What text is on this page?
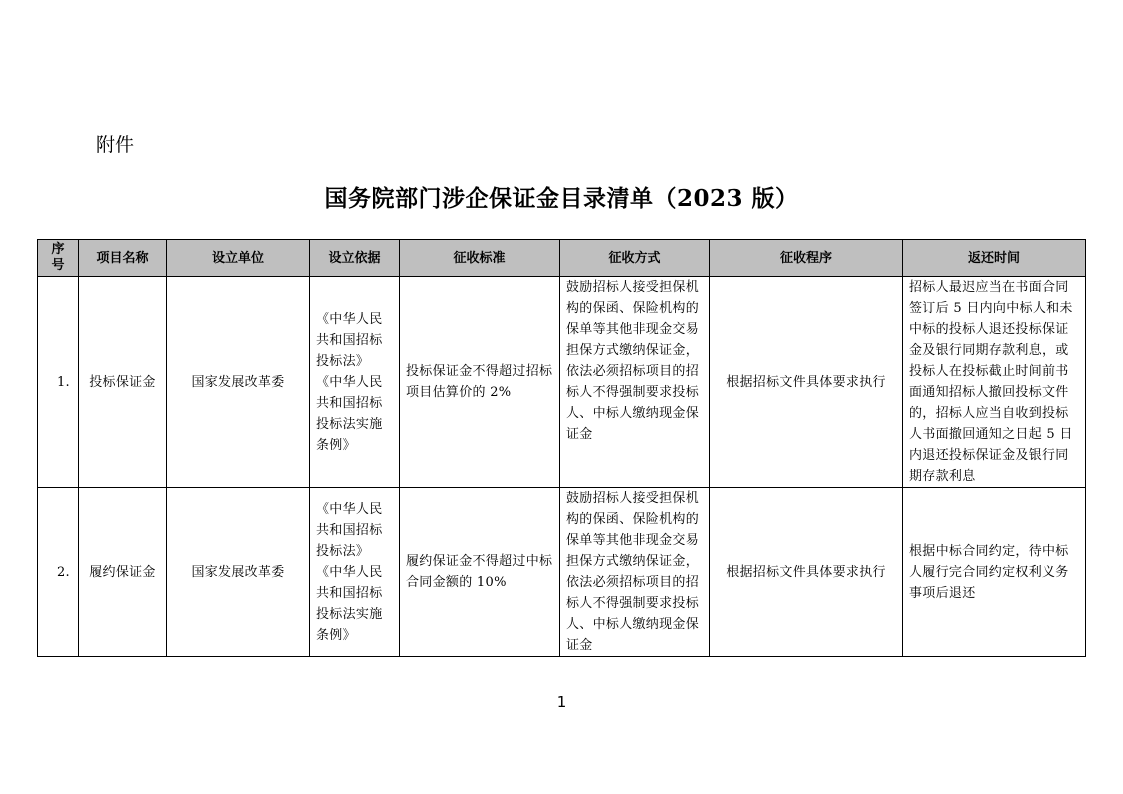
附件
国务院部门涉企保证金目录清单（2023 版）
序
号	项目名称	设立单位	设立依据	征收标准	征收方式	征收程序	返还时间
1.	投标保证金	国家发展改革委	《中华人民共和国招标投标法》
《中华人民共和国招标投标法实施条例》	投标保证金不得超过招标项目估算价的 2%	鼓励招标人接受担保机构的保函、保险机构的保单等其他非现金交易担保方式缴纳保证金，依法必须招标项目的招标人不得强制要求投标人、中标人缴纳现金保证金	根据招标文件具体要求执行	招标人最迟应当在书面合同签订后 5 日内向中标人和未中标的投标人退还投标保证金及银行同期存款利息，或投标人在投标截止时间前书面通知招标人撤回投标文件的，招标人应当自收到投标人书面撤回通知之日起 5 日内退还投标保证金及银行同期存款利息
2.	履约保证金	国家发展改革委	《中华人民共和国招标投标法》
《中华人民共和国招标投标法实施条例》	履约保证金不得超过中标合同金额的 10%	鼓励招标人接受担保机构的保函、保险机构的保单等其他非现金交易担保方式缴纳保证金，依法必须招标项目的招标人不得强制要求投标人、中标人缴纳现金保证金	根据招标文件具体要求执行	根据中标合同约定，待中标人履行完合同约定权利义务事项后退还
1
